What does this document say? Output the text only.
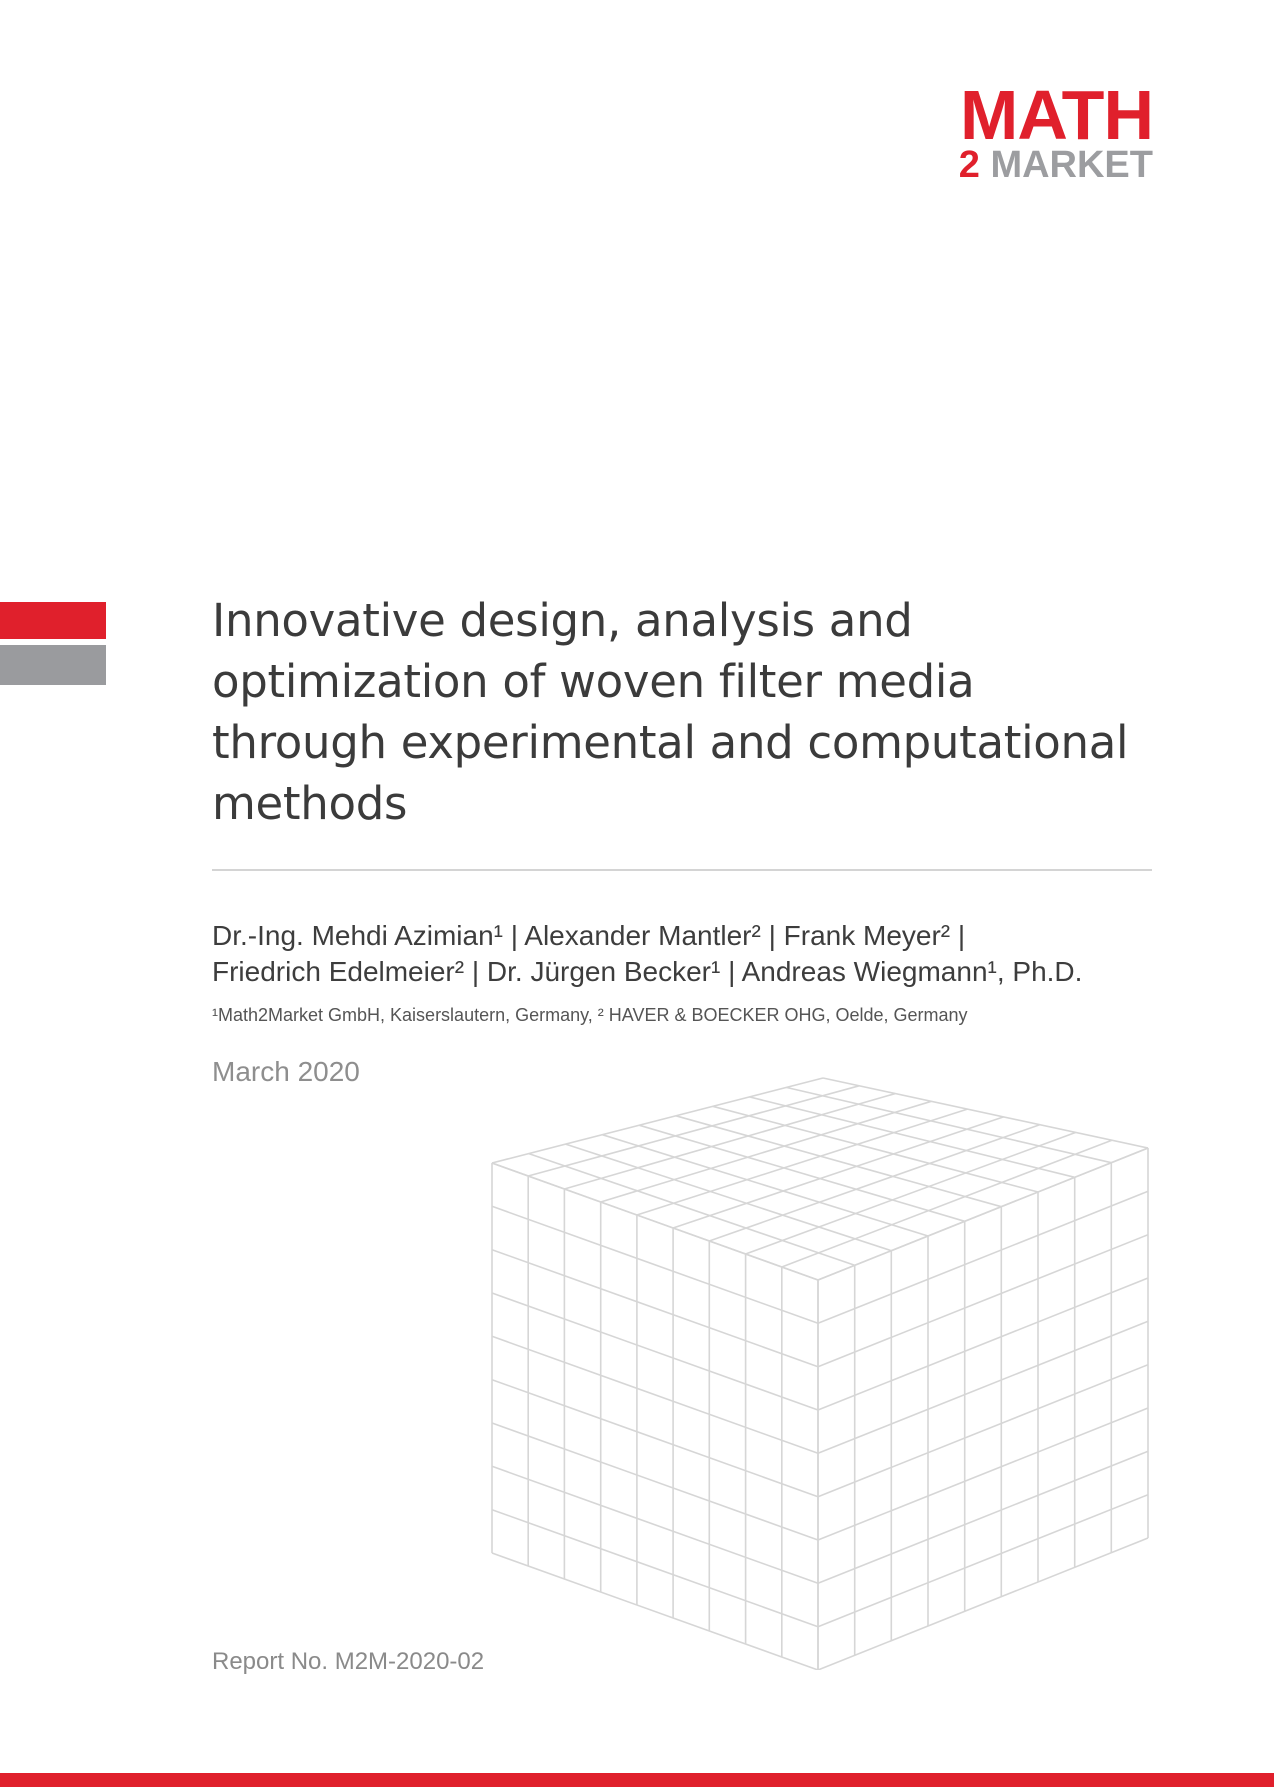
MATH
2 MARKET
Innovative design, analysis and optimization of woven filter media through experimental and computational methods
Dr.-Ing. Mehdi Azimian¹ | Alexander Mantler² | Frank Meyer² |
Friedrich Edelmeier² | Dr. Jürgen Becker¹ | Andreas Wiegmann¹, Ph.D.
¹Math2Market GmbH, Kaiserslautern, Germany, ² HAVER & BOECKER OHG, Oelde, Germany
March 2020
Report No. M2M-2020-02
